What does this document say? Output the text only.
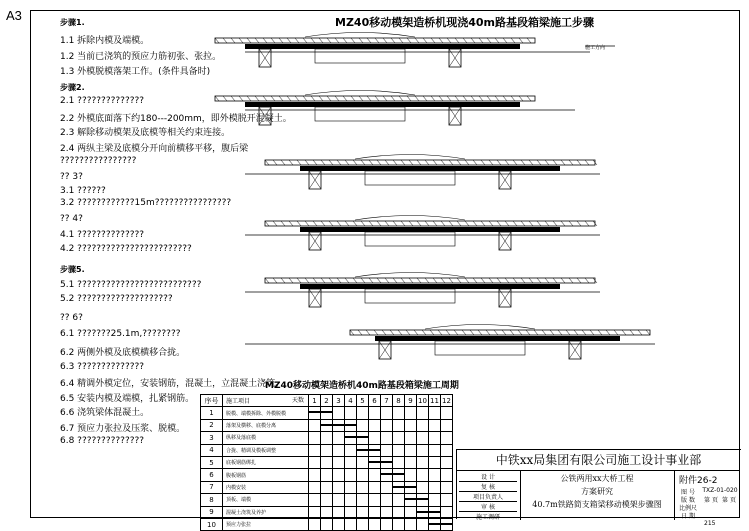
A3	MZ40移动模架造桥机现浇40m路基段箱梁施工步骤
步骤1.
1.1 拆除内模及端模。
1.2 当前已浇筑的预应力筋初张、张拉。
1.3 外模脱模落架工作。(条件具备时)
步骤2.
2.1 ??????????????
2.2 外模底面落下约180---200mm，即外模脱开混凝土。
2.3 解除移动模架及底模等相关约束连接。
2.4 两纵主梁及底模分开向前横移平移，腹后梁
????????????????
?? 3?
3.1 ??????
3.2 ????????????15m????????????????
?? 4?
4.1 ??????????????
4.2 ????????????????????????
步骤5.
5.1 ??????????????????????????
5.2 ????????????????????
?? 6?
6.1 ???????25.1m,????????
6.2 两侧外模及底模横移合拢。
6.3 ??????????????
6.4 精调外模定位，安装钢筋，混凝土，立混凝土浇筑。
6.5 安装内模及端模，扎紧钢筋。
6.6 浇筑梁体混凝土。
6.7 预应力张拉及压浆、脱模。
6.8 ??????????????
施工方向
MZ40移动模架造桥机40m路基段箱梁施工周期
序号	施工项目 天数	1	2	3	4	5	6	7	8	9	10	11	12
1	脱模、端模拆除、外模脱模												
2	落架及横移、底模分离												
3	纵移及落底模												
4	合拢、精调及模板调整												
5	底板钢筋绑扎												
6	腹板钢筋												
7	内模安装												
8	顶板、端模												
9	混凝土浇筑及养护												
10	预应力张拉												
中铁xx局集团有限公司施工设计事业部
设 计
复 核
项目负责人
审 核
施工调研
公铁两用xx大桥工程
方案研究
40.7m铁路简支箱梁移动模架步骤图
附件26-2
图 号
版 数
比例尺
日 期
TXZ-01-020
第 页 第 页
215
